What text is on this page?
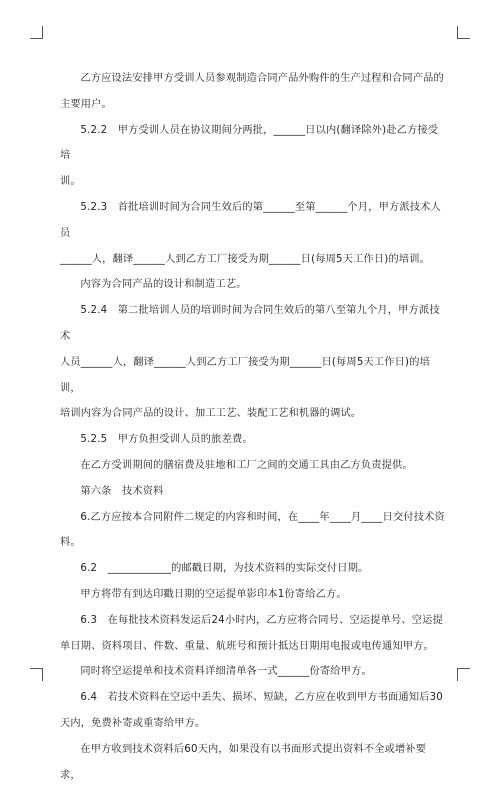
乙方应设法安排甲方受训人员参观制造合同产品外购件的生产过程和合同产品的

主要用户。

5.2.2　甲方受训人员在协议期间分两批，______日以内(翻译除外)赴乙方接受培

训。

5.2.3　首批培训时间为合同生效后的第______至第______个月，甲方派技术人员

______人，翻译______人到乙方工厂接受为期______日(每周5天工作日)的培训。

内容为合同产品的设计和制造工艺。

5.2.4　第二批培训人员的培训时间为合同生效后的第八至第九个月，甲方派技术

人员______人，翻译______人到乙方工厂接受为期______日(每周5天工作日)的培训，

培训内容为合同产品的设计、加工工艺、装配工艺和机器的调试。

5.2.5　甲方负担受训人员的旅差费。

在乙方受训期间的膳宿费及驻地和工厂之间的交通工具由乙方负责提供。

第六条　技术资料

6.乙方应按本合同附件二规定的内容和时间，在____年____月____日交付技术资

料。

6.2　____________的邮戳日期，为技术资料的实际交付日期。

甲方将带有到达印戳日期的空运提单影印本1份寄给乙方。

6.3　在每批技术资料发运后24小时内，乙方应将合同号、空运提单号、空运提

单日期、资料项目、件数、重量、航班号和预计抵达日期用电报或电传通知甲方。

同时将空运提单和技术资料详细清单各一式______份寄给甲方。

6.4　若技术资料在空运中丢失、损坏、短缺，乙方应在收到甲方书面通知后30

天内，免费补寄或重寄给甲方。

在甲方收到技术资料后60天内，如果没有以书面形式提出资料不全或增补要求，
